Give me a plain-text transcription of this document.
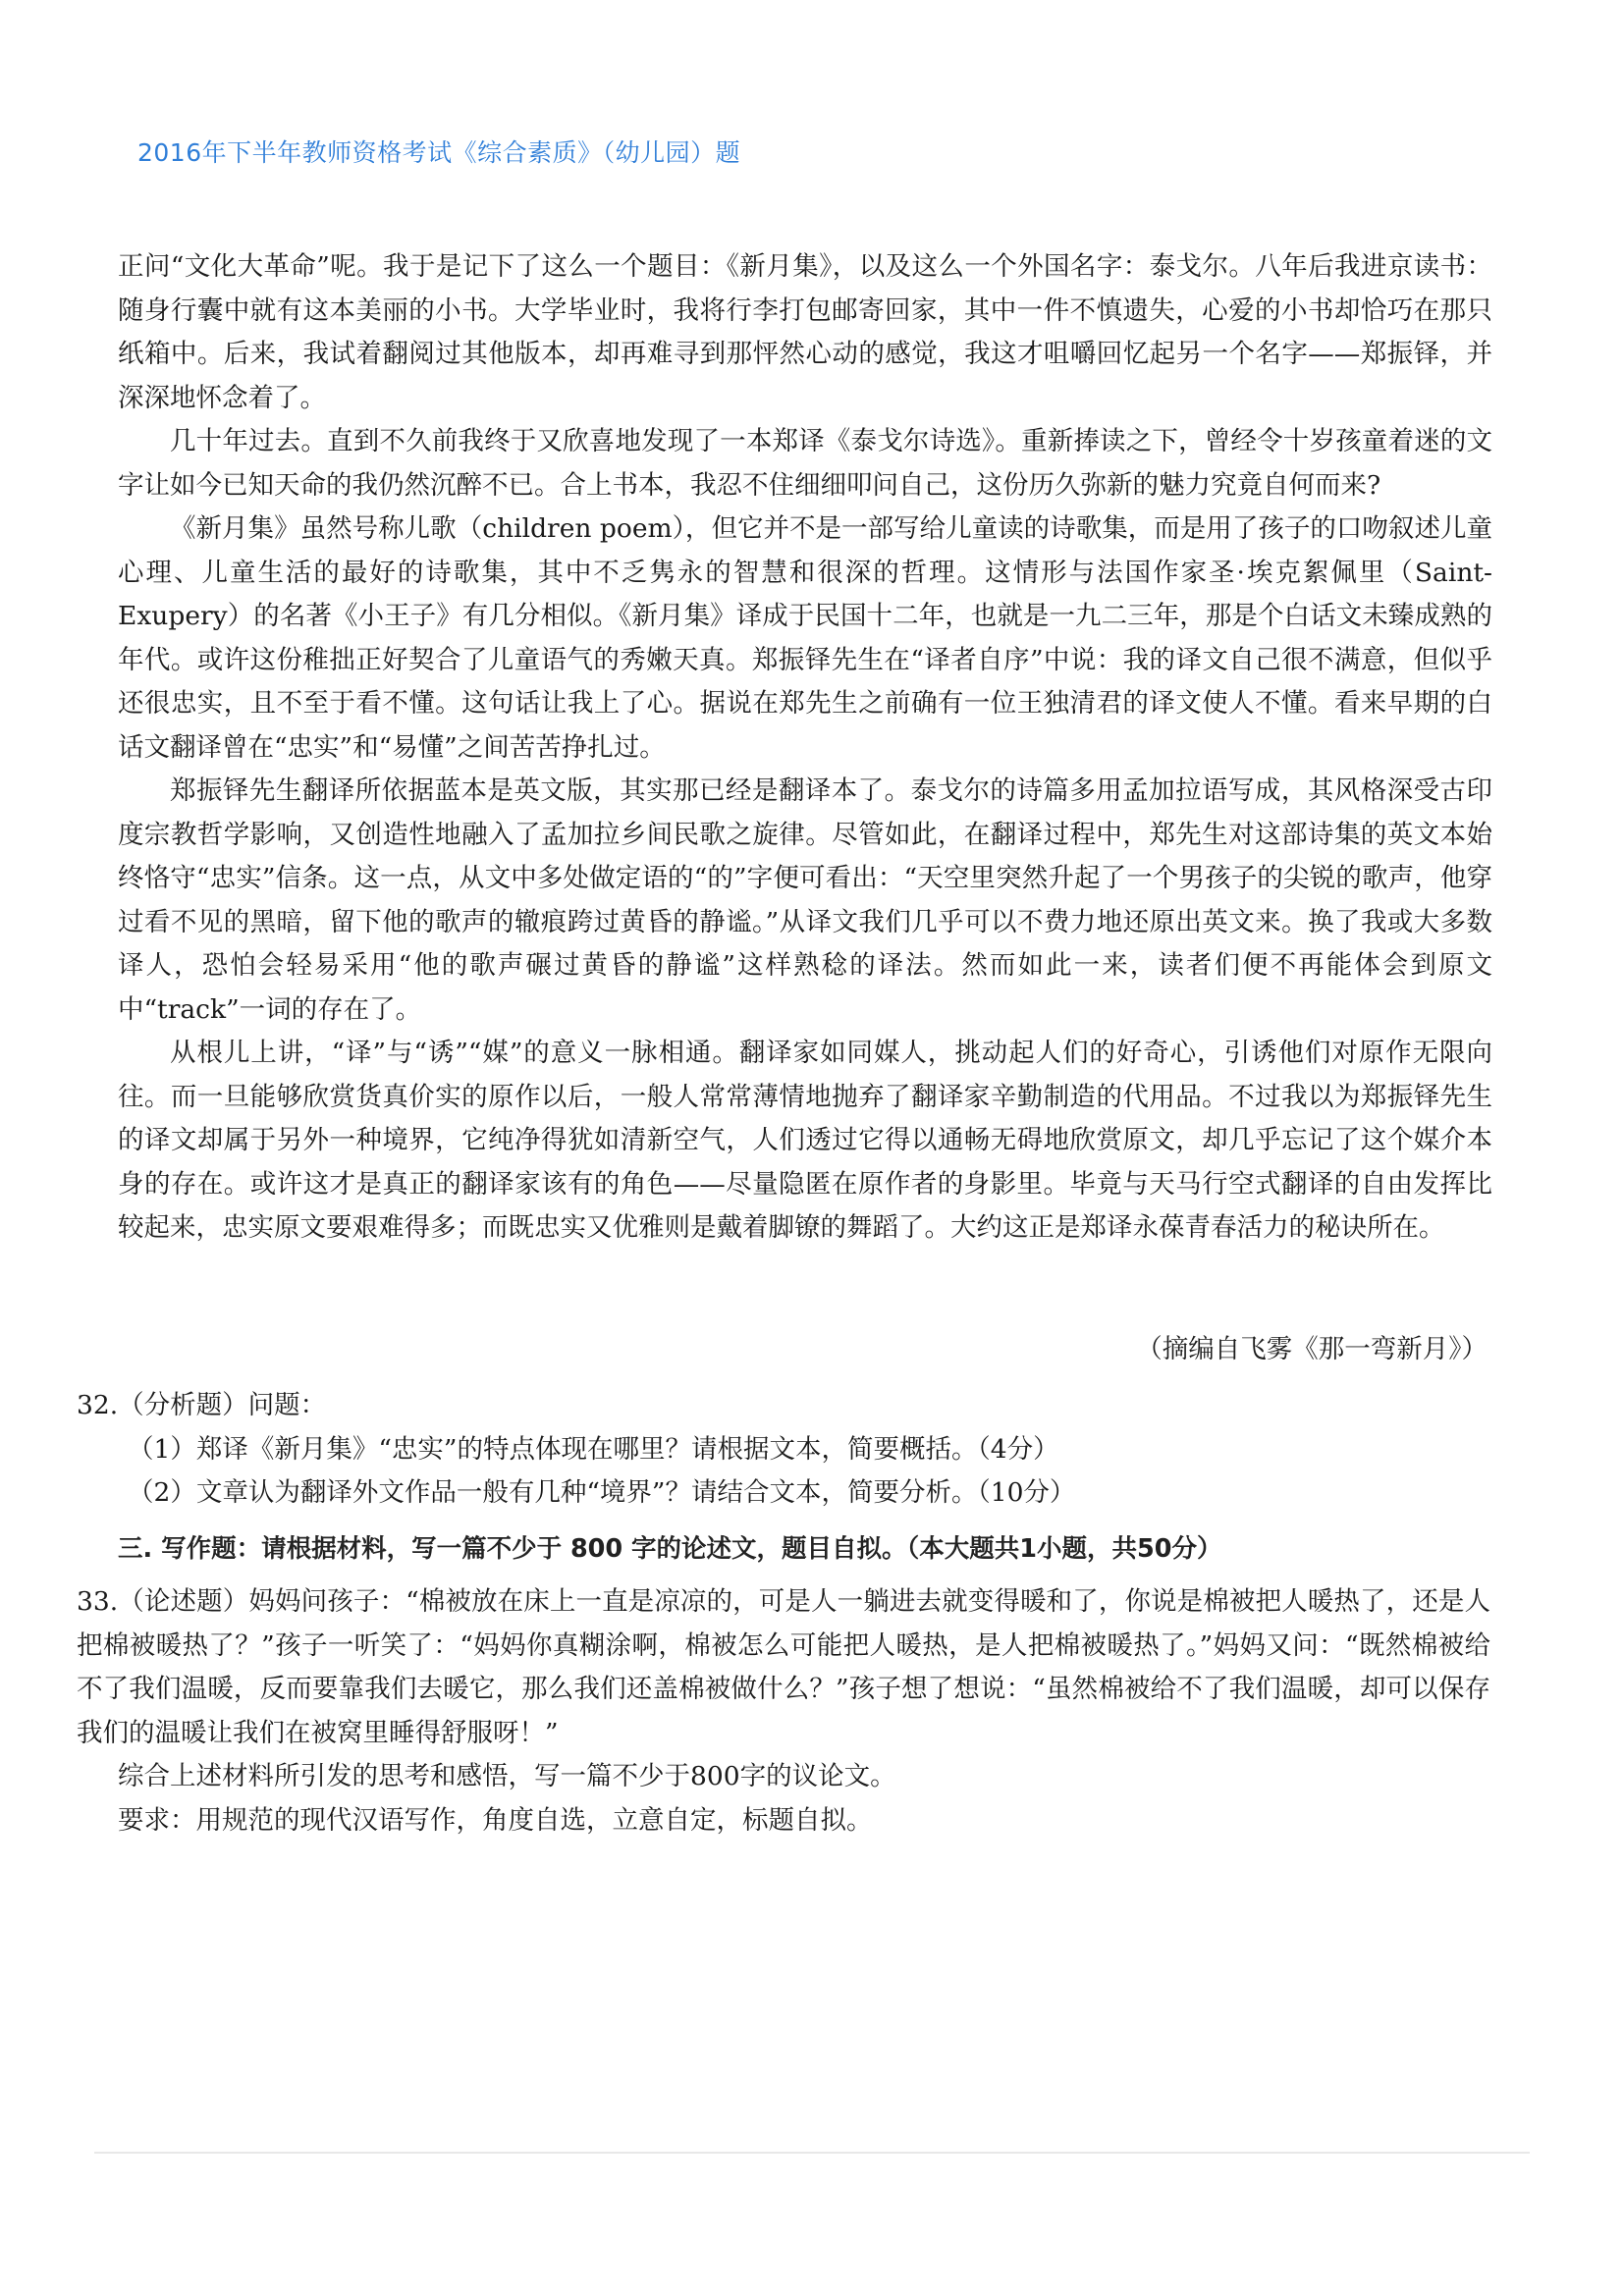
2016年下半年教师资格考试《综合素质》（幼儿园）题

正问“文化大革命”呢。我于是记下了这么一个题目：《新月集》，以及这么一个外国名字：泰戈尔。八年后我进京读书：随身行囊中就有这本美丽的小书。大学毕业时，我将行李打包邮寄回家，其中一件不慎遗失，心爱的小书却恰巧在那只纸箱中。后来，我试着翻阅过其他版本，却再难寻到那怦然心动的感觉，我这才咀嚼回忆起另一个名字——郑振铎，并深深地怀念着了。

几十年过去。直到不久前我终于又欣喜地发现了一本郑译《泰戈尔诗选》。重新捧读之下，曾经令十岁孩童着迷的文字让如今已知天命的我仍然沉醉不已。合上书本，我忍不住细细叩问自己，这份历久弥新的魅力究竟自何而来?

《新月集》虽然号称儿歌（children poem），但它并不是一部写给儿童读的诗歌集，而是用了孩子的口吻叙述儿童心理、儿童生活的最好的诗歌集，其中不乏隽永的智慧和很深的哲理。这情形与法国作家圣·埃克絮佩里（Saint-Exupery）的名著《小王子》有几分相似。《新月集》译成于民国十二年，也就是一九二三年，那是个白话文未臻成熟的年代。或许这份稚拙正好契合了儿童语气的秀嫩天真。郑振铎先生在“译者自序”中说：我的译文自己很不满意，但似乎还很忠实，且不至于看不懂。这句话让我上了心。据说在郑先生之前确有一位王独清君的译文使人不懂。看来早期的白话文翻译曾在“忠实”和“易懂”之间苦苦挣扎过。

郑振铎先生翻译所依据蓝本是英文版，其实那已经是翻译本了。泰戈尔的诗篇多用孟加拉语写成，其风格深受古印度宗教哲学影响，又创造性地融入了孟加拉乡间民歌之旋律。尽管如此，在翻译过程中，郑先生对这部诗集的英文本始终恪守“忠实”信条。这一点，从文中多处做定语的“的”字便可看出：“天空里突然升起了一个男孩子的尖锐的歌声，他穿过看不见的黑暗，留下他的歌声的辙痕跨过黄昏的静谧。”从译文我们几乎可以不费力地还原出英文来。换了我或大多数译人，恐怕会轻易采用“他的歌声碾过黄昏的静谧”这样熟稔的译法。然而如此一来，读者们便不再能体会到原文中“track”一词的存在了。

从根儿上讲，“译”与“诱”“媒”的意义一脉相通。翻译家如同媒人，挑动起人们的好奇心，引诱他们对原作无限向往。而一旦能够欣赏货真价实的原作以后，一般人常常薄情地抛弃了翻译家辛勤制造的代用品。不过我以为郑振铎先生的译文却属于另外一种境界，它纯净得犹如清新空气，人们透过它得以通畅无碍地欣赏原文，却几乎忘记了这个媒介本身的存在。或许这才是真正的翻译家该有的角色——尽量隐匿在原作者的身影里。毕竟与天马行空式翻译的自由发挥比较起来，忠实原文要艰难得多；而既忠实又优雅则是戴着脚镣的舞蹈了。大约这正是郑译永葆青春活力的秘诀所在。

（摘编自飞雾《那一弯新月》）
32.（分析题）问题：
（1）郑译《新月集》“忠实”的特点体现在哪里？请根据文本，简要概括。（4分）
（2）文章认为翻译外文作品一般有几种“境界”？请结合文本，简要分析。（10分）
三. 写作题：请根据材料，写一篇不少于 800 字的论述文，题目自拟。（本大题共1小题，共50分）
33.（论述题）妈妈问孩子：“棉被放在床上一直是凉凉的，可是人一躺进去就变得暖和了，你说是棉被把人暖热了，还是人把棉被暖热了？”孩子一听笑了：“妈妈你真糊涂啊，棉被怎么可能把人暖热，是人把棉被暖热了。”妈妈又问：“既然棉被给不了我们温暖，反而要靠我们去暖它，那么我们还盖棉被做什么？”孩子想了想说：“虽然棉被给不了我们温暖，却可以保存我们的温暖让我们在被窝里睡得舒服呀！”
综合上述材料所引发的思考和感悟，写一篇不少于800字的议论文。
要求：用规范的现代汉语写作，角度自选，立意自定，标题自拟。
